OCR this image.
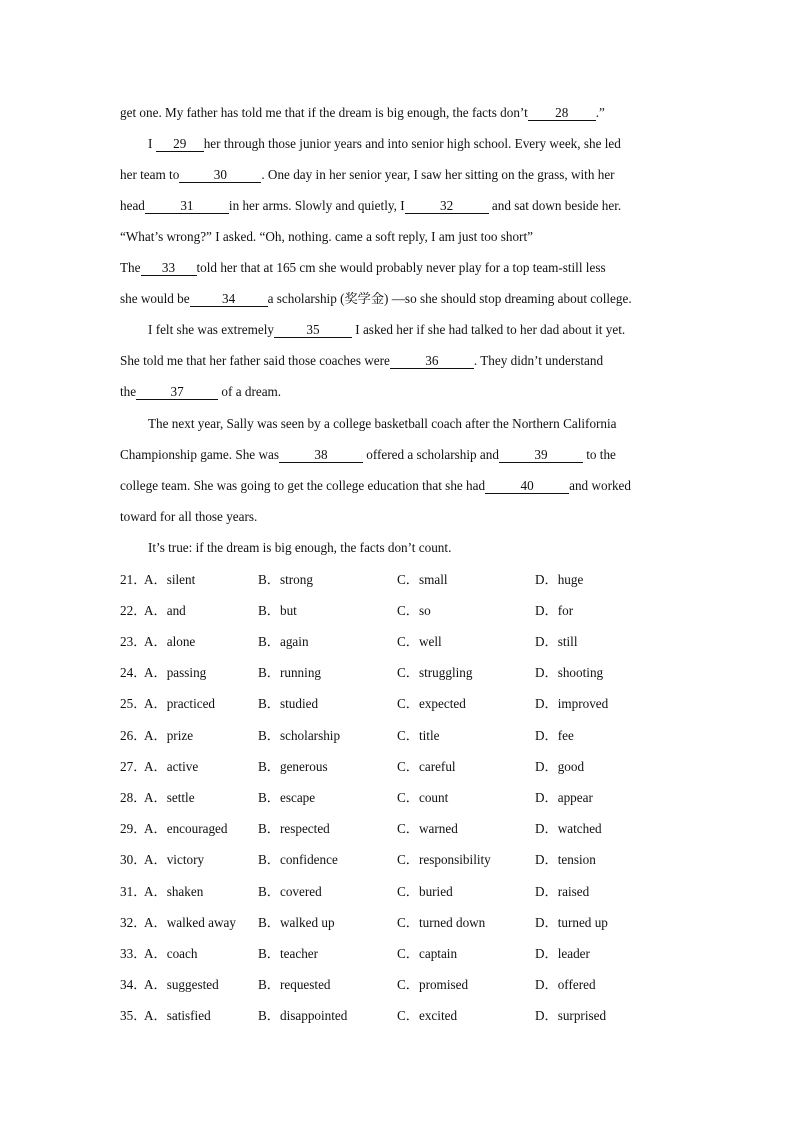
get one. My father has told me that if the dream is big enough, the facts don’t 28 .”
I 29 her through those junior years and into senior high school. Every week, she led
her team to	30	. One day in her senior year, I saw her sitting on the grass, with her
head	31	in her arms. Slowly and quietly, I	32	and sat down beside her.
“What’s wrong?” I asked. “Oh, nothing. came a soft reply, I am just too short”
The 33 told her that at 165 cm she would probably never play for a top team-still less
she would be 34 a scholarship (奖学金) —so she should stop dreaming about college.
I felt she was extremely 35 I asked her if she had talked to her dad about it yet.
She told me that her father said those coaches were	36	. They didn’t understand
the	37	of a dream.
The next year, Sally was seen by a college basketball coach after the Northern California
Championship game. She was	38	offered a scholarship and	39	to the
college team. She was going to get the college education that she had	40	and worked
toward for all those years.
It’s true: if the dream is big enough, the facts don’t count.
21．
A．silent	B．strong	C．small	D．huge
22．
A．and	B．but	C．so	D．for
23．
A．alone	B．again	C．well	D．still
24．
A．passing	B．running	C．struggling	D．shooting
25．
A．practiced	B．studied	C．expected	D．improved
26．
A．prize	B．scholarship	C．title	D．fee
27．
A．active	B．generous	C．careful	D．good
28．
A．settle	B．escape	C．count	D．appear
29．
A．encouraged B．respected	C．warned	D．watched
30．
A．victory	B．confidence	C．responsibility	D．tension
31．
A．shaken	B．covered	C．buried	D．raised
32．
A．walked away B．walked up	C．turned down	D．turned up
33．
A．coach	B．teacher	C．captain	D．leader
34．
A．suggested	B．requested	C．promised	D．offered
35．
A．satisfied	B．disappointed	C．excited	D．surprised
